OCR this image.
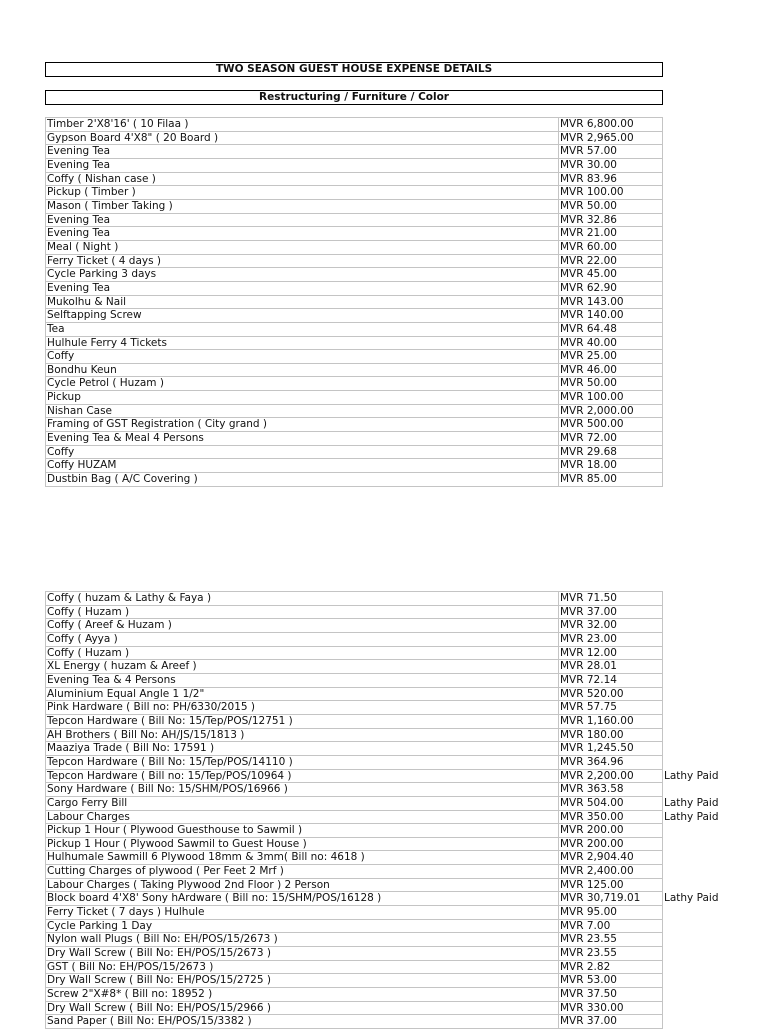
TWO SEASON GUEST HOUSE EXPENSE DETAILS
Restructuring / Furniture / Color
Timber 2'X8'16' ( 10 Filaa )	MVR 6,800.00	
Gypson Board 4'X8" ( 20 Board )	MVR 2,965.00	
Evening Tea	MVR 57.00	
Evening Tea	MVR 30.00	
Coffy ( Nishan case )	MVR 83.96	
Pickup ( Timber )	MVR 100.00	
Mason ( Timber Taking )	MVR 50.00	
Evening Tea	MVR 32.86	
Evening Tea	MVR 21.00	
Meal ( Night )	MVR 60.00	
Ferry Ticket ( 4 days )	MVR 22.00	
Cycle Parking 3 days	MVR 45.00	
Evening Tea	MVR 62.90	
Mukolhu & Nail	MVR 143.00	
Selftapping Screw	MVR 140.00	
Tea	MVR 64.48	
Hulhule Ferry 4 Tickets	MVR 40.00	
Coffy	MVR 25.00	
Bondhu Keun	MVR 46.00	
Cycle Petrol ( Huzam )	MVR 50.00	
Pickup	MVR 100.00	
Nishan Case	MVR 2,000.00	
Framing of GST Registration ( City grand )	MVR 500.00	
Evening Tea & Meal 4 Persons	MVR 72.00	
Coffy	MVR 29.68	
Coffy HUZAM	MVR 18.00	
Dustbin Bag ( A/C Covering )	MVR 85.00	
Coffy ( huzam & Lathy & Faya )	MVR 71.50	
Coffy ( Huzam )	MVR 37.00	
Coffy ( Areef & Huzam )	MVR 32.00	
Coffy ( Ayya )	MVR 23.00	
Coffy ( Huzam )	MVR 12.00	
XL Energy ( huzam & Areef )	MVR 28.01	
Evening Tea & 4 Persons	MVR 72.14	
Aluminium Equal Angle 1 1/2"	MVR 520.00	
Pink Hardware ( Bill no: PH/6330/2015 )	MVR 57.75	
Tepcon Hardware ( Bill No: 15/Tep/POS/12751 )	MVR 1,160.00	
AH Brothers ( Bill No: AH/JS/15/1813 )	MVR 180.00	
Maaziya Trade ( Bill No: 17591 )	MVR 1,245.50	
Tepcon Hardware ( Bill No: 15/Tep/POS/14110 )	MVR 364.96	
Tepcon Hardware ( Bill no: 15/Tep/POS/10964 )	MVR 2,200.00	Lathy Paid
Sony Hardware ( Bill No: 15/SHM/POS/16966 )	MVR 363.58	
Cargo Ferry Bill	MVR 504.00	Lathy Paid
Labour Charges	MVR 350.00	Lathy Paid
Pickup 1 Hour ( Plywood Guesthouse to Sawmil )	MVR 200.00	
Pickup 1 Hour ( Plywood Sawmil to Guest House )	MVR 200.00	
Hulhumale Sawmill 6 Plywood 18mm & 3mm( Bill no: 4618 )	MVR 2,904.40	
Cutting Charges of plywood ( Per Feet 2 Mrf )	MVR 2,400.00	
Labour Charges ( Taking Plywood 2nd Floor ) 2 Person	MVR 125.00	
Block board 4'X8' Sony hArdware ( Bill no: 15/SHM/POS/16128 )	MVR 30,719.01	Lathy Paid
Ferry Ticket ( 7 days ) Hulhule	MVR 95.00	
Cycle Parking 1 Day	MVR 7.00	
Nylon wall Plugs ( Bill No: EH/POS/15/2673 )	MVR 23.55	
Dry Wall Screw ( Bill No: EH/POS/15/2673 )	MVR 23.55	
GST ( Bill No: EH/POS/15/2673 )	MVR 2.82	
Dry Wall Screw ( Bill No: EH/POS/15/2725 )	MVR 53.00	
Screw 2"X#8* ( Bill no: 18952 )	MVR 37.50	
Dry Wall Screw ( Bill No: EH/POS/15/2966 )	MVR 330.00	
Sand Paper ( Bill No: EH/POS/15/3382 )	MVR 37.00	
